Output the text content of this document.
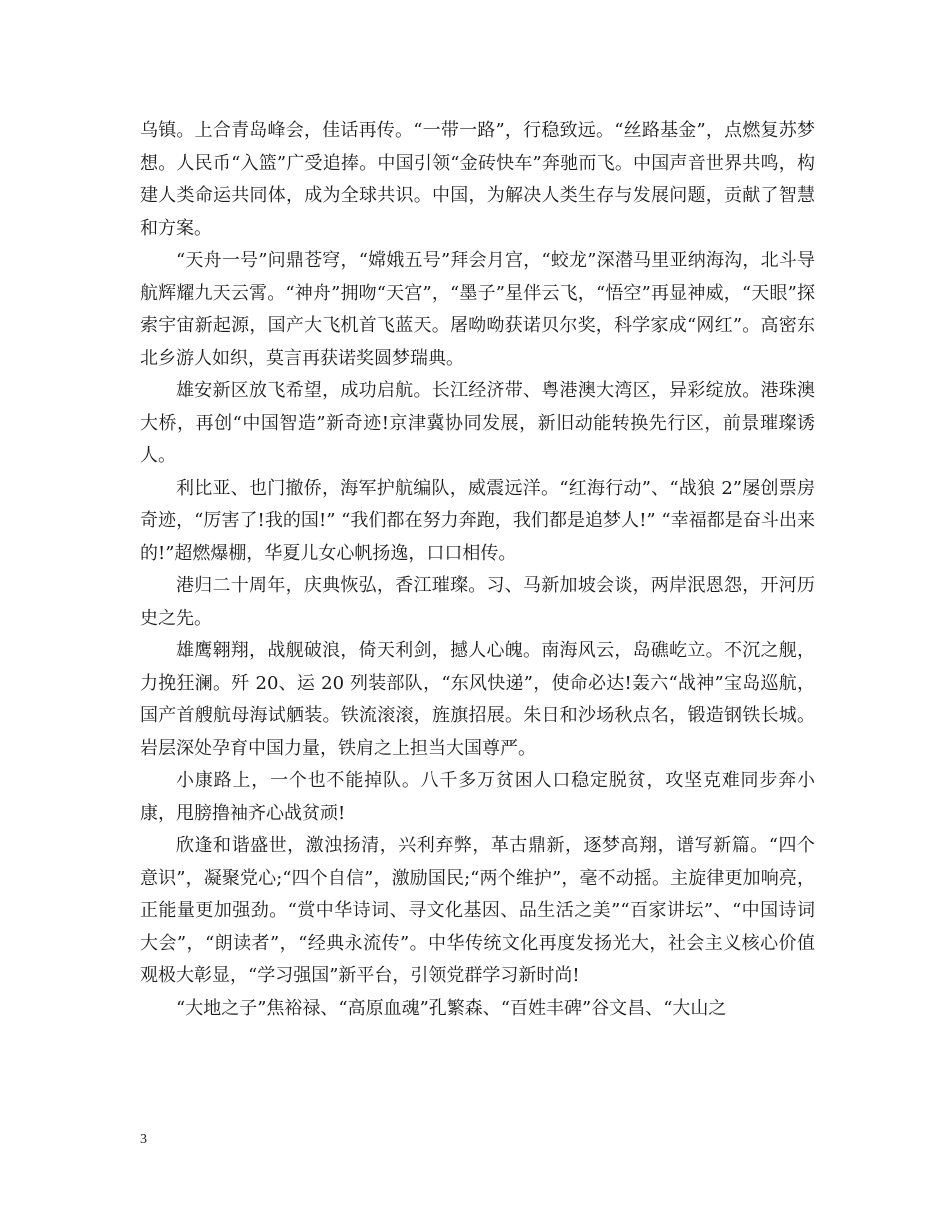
乌镇。上合青岛峰会，佳话再传。“一带一路”，行稳致远。“丝路基金”，点燃复苏梦想。人民币“入篮”广受追捧。中国引领“金砖快车”奔驰而飞。中国声音世界共鸣，构建人类命运共同体，成为全球共识。中国，为解决人类生存与发展问题，贡献了智慧和方案。

“天舟一号”问鼎苍穹，“嫦娥五号”拜会月宫，“蛟龙”深潜马里亚纳海沟，北斗导航辉耀九天云霄。“神舟”拥吻“天宫”，“墨子”星伴云飞，“悟空”再显神威，“天眼”探索宇宙新起源，国产大飞机首飞蓝天。屠呦呦获诺贝尔奖，科学家成“网红”。高密东北乡游人如织，莫言再获诺奖圆梦瑞典。

雄安新区放飞希望，成功启航。长江经济带、粤港澳大湾区，异彩绽放。港珠澳大桥，再创“中国智造”新奇迹!京津冀协同发展，新旧动能转换先行区，前景璀璨诱人。

利比亚、也门撤侨，海军护航编队，威震远洋。“红海行动”、“战狼 2”屡创票房奇迹，“厉害了!我的国!” “我们都在努力奔跑，我们都是追梦人!” “幸福都是奋斗出来的!”超燃爆棚，华夏儿女心帆扬逸，口口相传。

港归二十周年，庆典恢弘，香江璀璨。习、马新加坡会谈，两岸泯恩怨，开河历史之先。

雄鹰翱翔，战舰破浪，倚天利剑，撼人心魄。南海风云，岛礁屹立。不沉之舰，力挽狂澜。歼 20、运 20 列装部队，“东风快递”，使命必达!轰六“战神”宝岛巡航，国产首艘航母海试舾装。铁流滚滚，旌旗招展。朱日和沙场秋点名，锻造钢铁长城。岩层深处孕育中国力量，铁肩之上担当大国尊严。

小康路上，一个也不能掉队。八千多万贫困人口稳定脱贫，攻坚克难同步奔小康，甩膀撸袖齐心战贫顽!

欣逢和谐盛世，激浊扬清，兴利弃弊，革古鼎新，逐梦高翔，谱写新篇。“四个意识”，凝聚党心;“四个自信”，激励国民;“两个维护”，毫不动摇。主旋律更加响亮，正能量更加强劲。“赏中华诗词、寻文化基因、品生活之美”“百家讲坛”、“中国诗词大会”，“朗读者”，“经典永流传”。中华传统文化再度发扬光大，社会主义核心价值观极大彰显，“学习强国”新平台，引领党群学习新时尚!

“大地之子”焦裕禄、“高原血魂”孔繁森、“百姓丰碑”谷文昌、“大山之

3
